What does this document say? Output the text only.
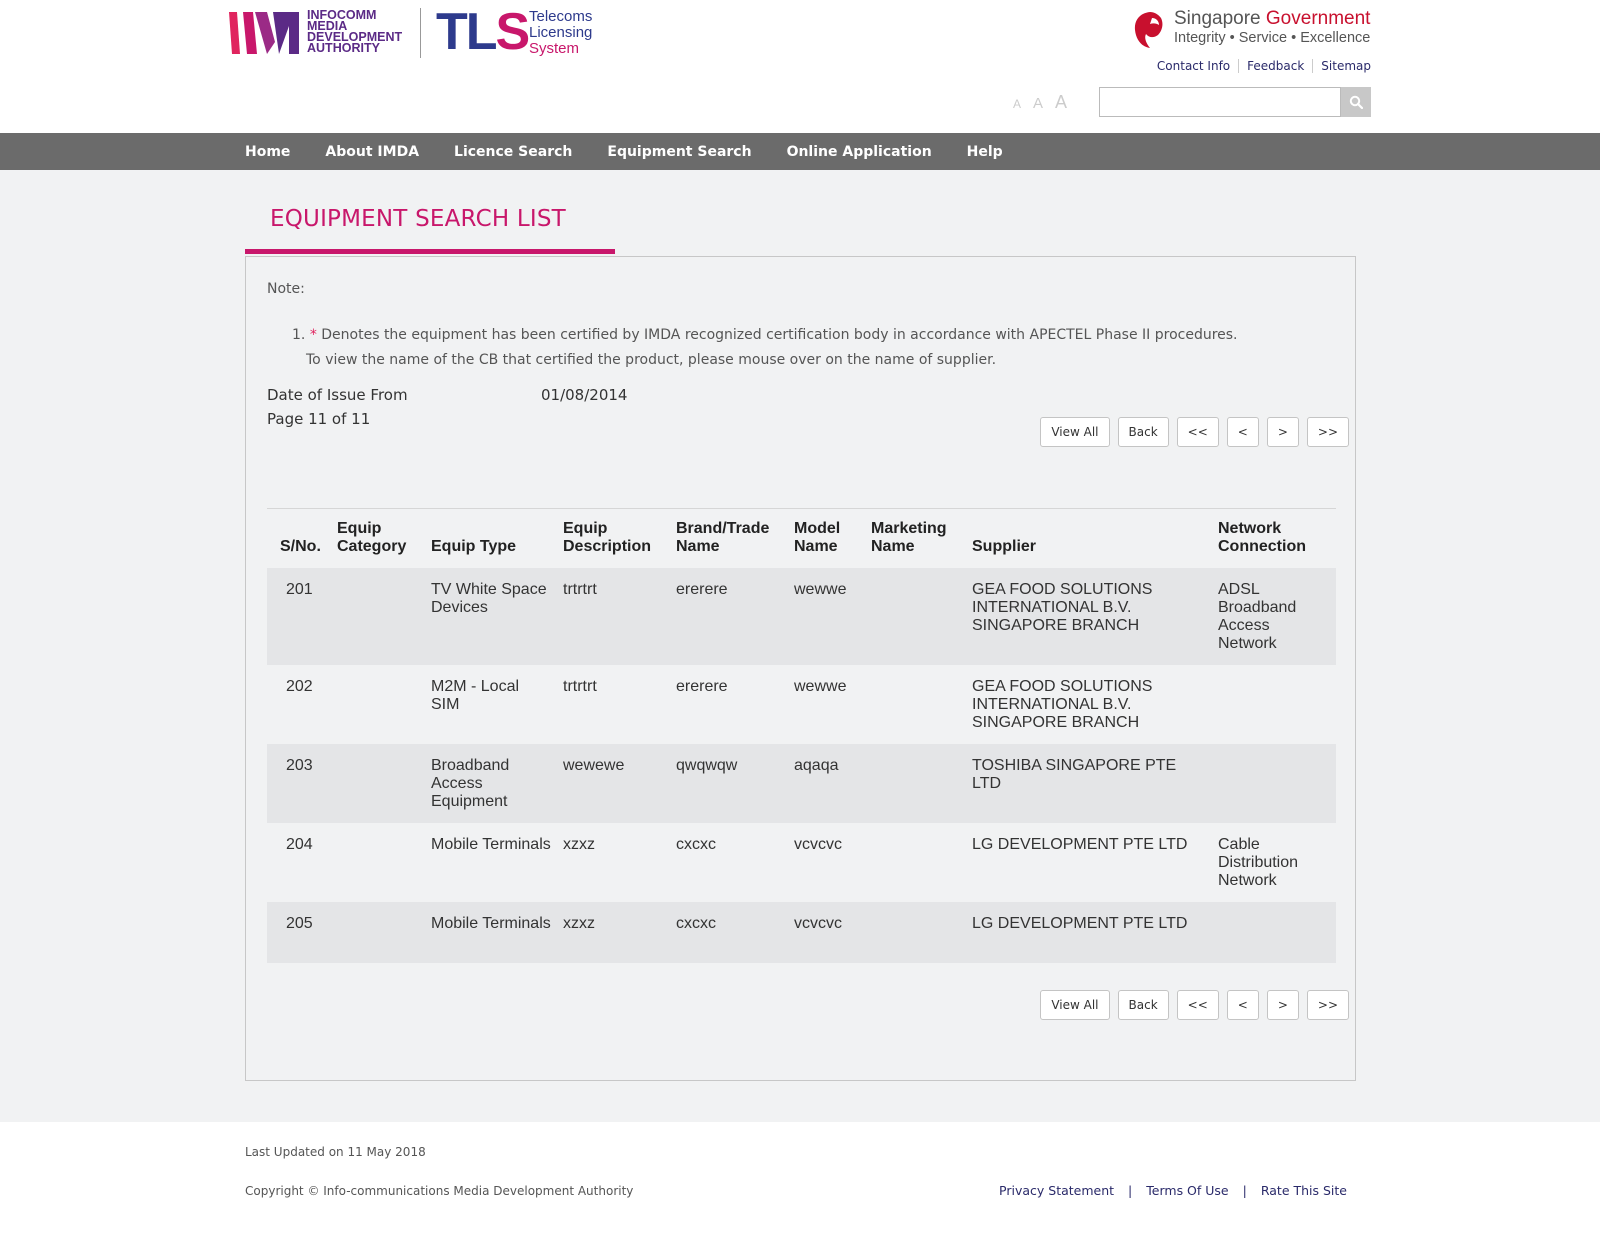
INFOCOMM
MEDIA
DEVELOPMENT
AUTHORITY	TLS Telecoms
Licensing
System
Singapore Government
Integrity • Service • Excellence
Contact Info	Feedback	Sitemap
A A A
Home	About IMDA	Licence Search	Equipment Search	Online Application	Help
EQUIPMENT SEARCH LIST
Note:
1. * Denotes the equipment has been certified by IMDA recognized certification body in accordance with APECTEL Phase II procedures.
To view the name of the CB that certified the product, please mouse over on the name of supplier.
Date of Issue From	01/08/2014
Page 11 of 11
View All	Back	<<	<	>	>>
S/No.	Equip Category	Equip Type	Equip Description	Brand/Trade Name	Model Name	Marketing Name	Supplier	Network Connection
201		TV White Space Devices	trtrtrt	ererere	wewwe		GEA FOOD SOLUTIONS INTERNATIONAL B.V. SINGAPORE BRANCH	ADSL Broadband Access Network
202		M2M - Local SIM	trtrtrt	ererere	wewwe		GEA FOOD SOLUTIONS INTERNATIONAL B.V. SINGAPORE BRANCH	
203		Broadband Access Equipment	wewewe	qwqwqw	aqaqa		TOSHIBA SINGAPORE PTE LTD	
204		Mobile Terminals	xzxz	cxcxc	vcvcvc		LG DEVELOPMENT PTE LTD	Cable Distribution Network
205		Mobile Terminals	xzxz	cxcxc	vcvcvc		LG DEVELOPMENT PTE LTD	
View All	Back	<<	<	>	>>
Last Updated on 11 May 2018
Copyright © Info-communications Media Development Authority	Privacy Statement	|	Terms Of Use	|	Rate This Site
